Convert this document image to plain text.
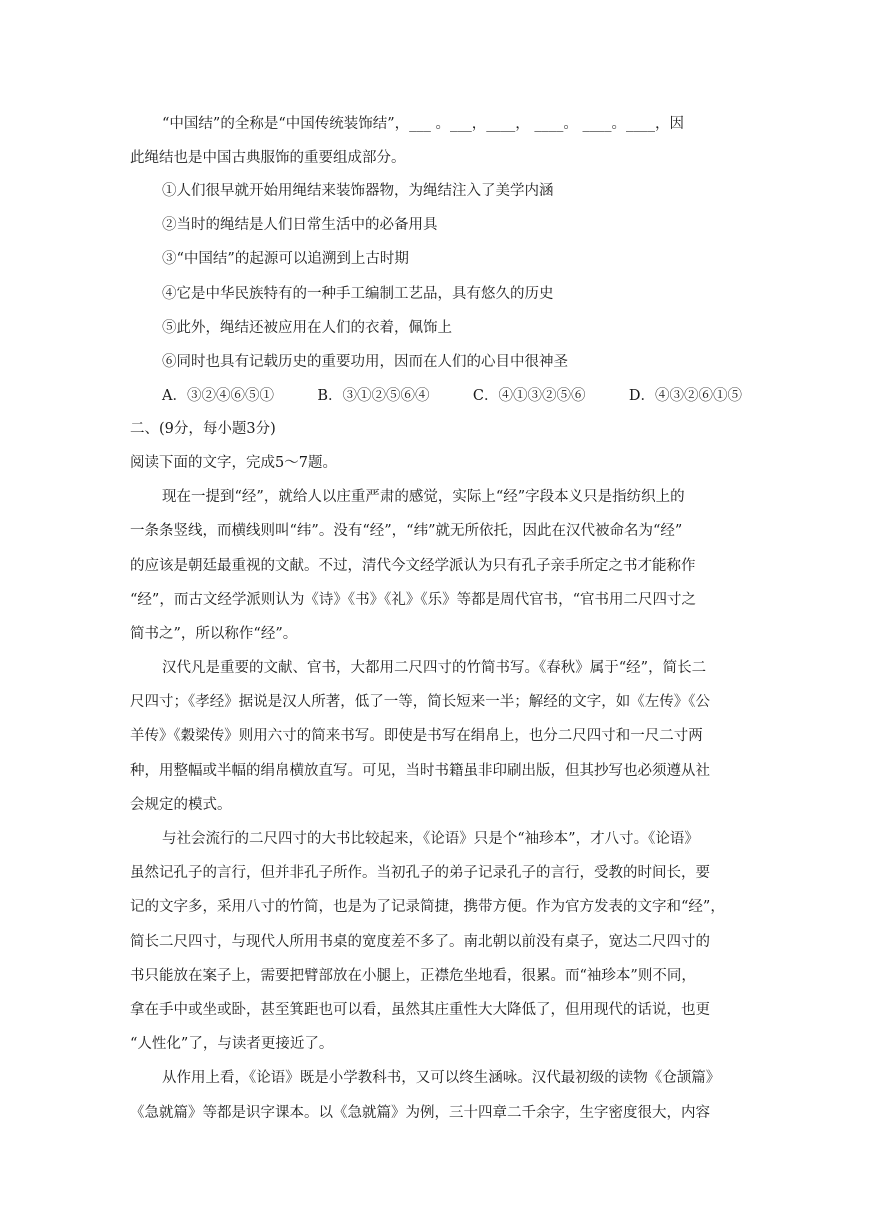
“中国结”的全称是“中国传统装饰结”，___ 。___，____， ____。 ____。____，因
此绳结也是中国古典服饰的重要组成部分。
①人们很早就开始用绳结来装饰器物，为绳结注入了美学内涵
②当时的绳结是人们日常生活中的必备用具
③“中国结”的起源可以追溯到上古时期
④它是中华民族特有的一种手工编制工艺品，具有悠久的历史
⑤此外，绳结还被应用在人们的衣着，佩饰上
⑥同时也具有记载历史的重要功用，因而在人们的心目中很神圣
A．③②④⑥⑤①	B．③①②⑤⑥④	C．④①③②⑤⑥	D．④③②⑥①⑤
二、(9分，每小题3分)
阅读下面的文字，完成5～7题。
现在一提到“经”，就给人以庄重严肃的感觉，实际上“经”字段本义只是指纺织上的
一条条竖线，而横线则叫“纬”。没有“经”，“纬”就无所依托，因此在汉代被命名为“经”
的应该是朝廷最重视的文献。不过，清代今文经学派认为只有孔子亲手所定之书才能称作
“经”，而古文经学派则认为《诗》《书》《礼》《乐》等都是周代官书，“官书用二尺四寸之
简书之”，所以称作“经”。
汉代凡是重要的文献、官书，大都用二尺四寸的竹简书写。《春秋》属于“经”，简长二
尺四寸；《孝经》据说是汉人所著，低了一等，简长短来一半；解经的文字，如《左传》《公
羊传》《穀梁传》则用六寸的简来书写。即使是书写在绢帛上，也分二尺四寸和一尺二寸两
种，用整幅或半幅的绢帛横放直写。可见，当时书籍虽非印刷出版，但其抄写也必须遵从社
会规定的模式。
与社会流行的二尺四寸的大书比较起来，《论语》只是个“袖珍本”，才八寸。《论语》
虽然记孔子的言行，但并非孔子所作。当初孔子的弟子记录孔子的言行，受教的时间长，要
记的文字多，采用八寸的竹简，也是为了记录简捷，携带方便。作为官方发表的文字和“经”，
简长二尺四寸，与现代人所用书桌的宽度差不多了。南北朝以前没有桌子，宽达二尺四寸的
书只能放在案子上，需要把臂部放在小腿上，正襟危坐地看，很累。而“袖珍本”则不同，
拿在手中或坐或卧，甚至箕距也可以看，虽然其庄重性大大降低了，但用现代的话说，也更
“人性化”了，与读者更接近了。
从作用上看，《论语》既是小学教科书，又可以终生涵咏。汉代最初级的读物《仓颉篇》
《急就篇》等都是识字课本。以《急就篇》为例，三十四章二千余字，生字密度很大，内容
